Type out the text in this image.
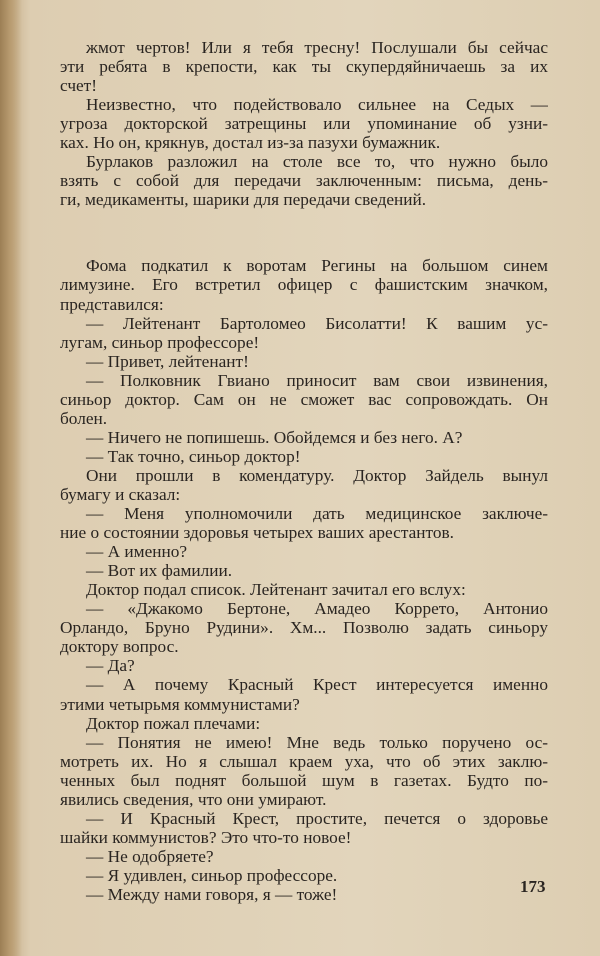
жмот чертов! Или я тебя тресну! Послушали бы сейчас
эти ребята в крепости, как ты скупердяйничаешь за их
счет!
Неизвестно, что подействовало сильнее на Седых —
угроза докторской затрещины или упоминание об узни-
ках. Но он, крякнув, достал из-за пазухи бумажник.
Бурлаков разложил на столе все то, что нужно было
взять с собой для передачи заключенным: письма, день-
ги, медикаменты, шарики для передачи сведений.
Фома подкатил к воротам Регины на большом синем
лимузине. Его встретил офицер с фашистским значком,
представился:
— Лейтенант Бартоломео Бисолатти! К вашим ус-
лугам, синьор профессоре!
— Привет, лейтенант!
— Полковник Гвиано приносит вам свои извинения,
синьор доктор. Сам он не сможет вас сопровождать. Он
болен.
— Ничего не попишешь. Обойдемся и без него. А?
— Так точно, синьор доктор!
Они прошли в комендатуру. Доктор Зайдель вынул
бумагу и сказал:
— Меня уполномочили дать медицинское заключе-
ние о состоянии здоровья четырех ваших арестантов.
— А именно?
— Вот их фамилии.
Доктор подал список. Лейтенант зачитал его вслух:
— «Джакомо Бертоне, Амадео Коррето, Антонио
Орландо, Бруно Рудини». Хм... Позволю задать синьору
доктору вопрос.
— Да?
— А почему Красный Крест интересуется именно
этими четырьмя коммунистами?
Доктор пожал плечами:
— Понятия не имею! Мне ведь только поручено ос-
мотреть их. Но я слышал краем уха, что об этих заклю-
ченных был поднят большой шум в газетах. Будто по-
явились сведения, что они умирают.
— И Красный Крест, простите, печется о здоровье
шайки коммунистов? Это что-то новое!
— Не одобряете?
— Я удивлен, синьор профессоре.
— Между нами говоря, я — тоже!	173
